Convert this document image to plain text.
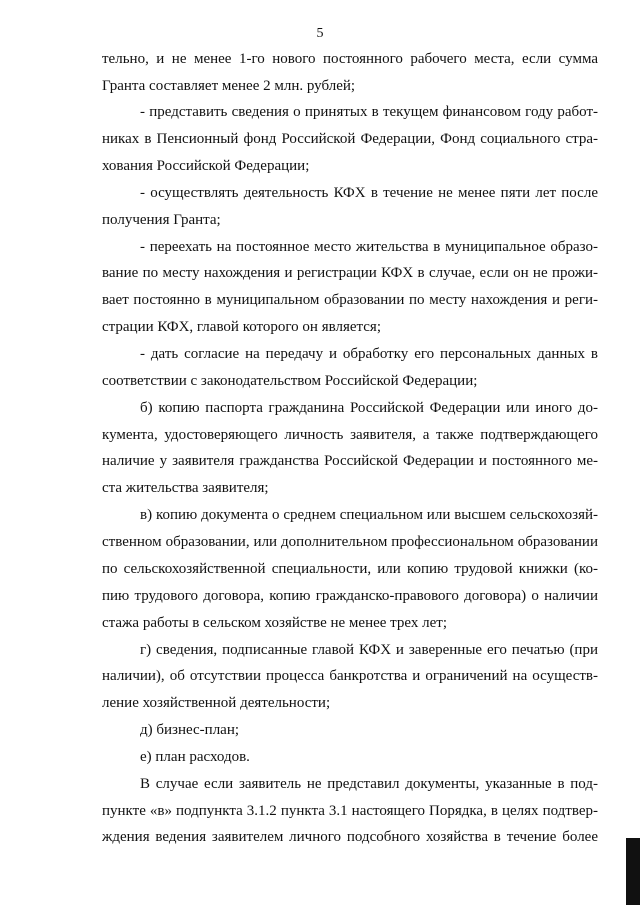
5
тельно, и не менее 1-го нового постоянного рабочего места, если сумма
Гранта составляет менее 2 млн. рублей;
- представить сведения о принятых в текущем финансовом году работ-
никах в Пенсионный фонд Российской Федерации, Фонд социального стра-
хования Российской Федерации;
- осуществлять деятельность КФХ в течение не менее пяти лет после
получения Гранта;
- переехать на постоянное место жительства в муниципальное образо-
вание по месту нахождения и регистрации КФХ в случае, если он не прожи-
вает постоянно в муниципальном образовании по месту нахождения и реги-
страции КФХ, главой которого он является;
- дать согласие на передачу и обработку его персональных данных в
соответствии с законодательством Российской Федерации;
б) копию паспорта гражданина Российской Федерации или иного до-
кумента, удостоверяющего личность заявителя, а также подтверждающего
наличие у заявителя гражданства Российской Федерации и постоянного ме-
ста жительства заявителя;
в) копию документа о среднем специальном или высшем сельскохозяй-
ственном образовании, или дополнительном профессиональном образовании
по сельскохозяйственной специальности, или копию трудовой книжки (ко-
пию трудового договора, копию гражданско-правового договора) о наличии
стажа работы в сельском хозяйстве не менее трех лет;
г) сведения, подписанные главой КФХ и заверенные его печатью (при
наличии), об отсутствии процесса банкротства и ограничений на осуществ-
ление хозяйственной деятельности;
д) бизнес-план;
е) план расходов.
В случае если заявитель не представил документы, указанные в под-
пункте «в» подпункта 3.1.2 пункта 3.1 настоящего Порядка, в целях подтвер-
ждения ведения заявителем личного подсобного хозяйства в течение более
